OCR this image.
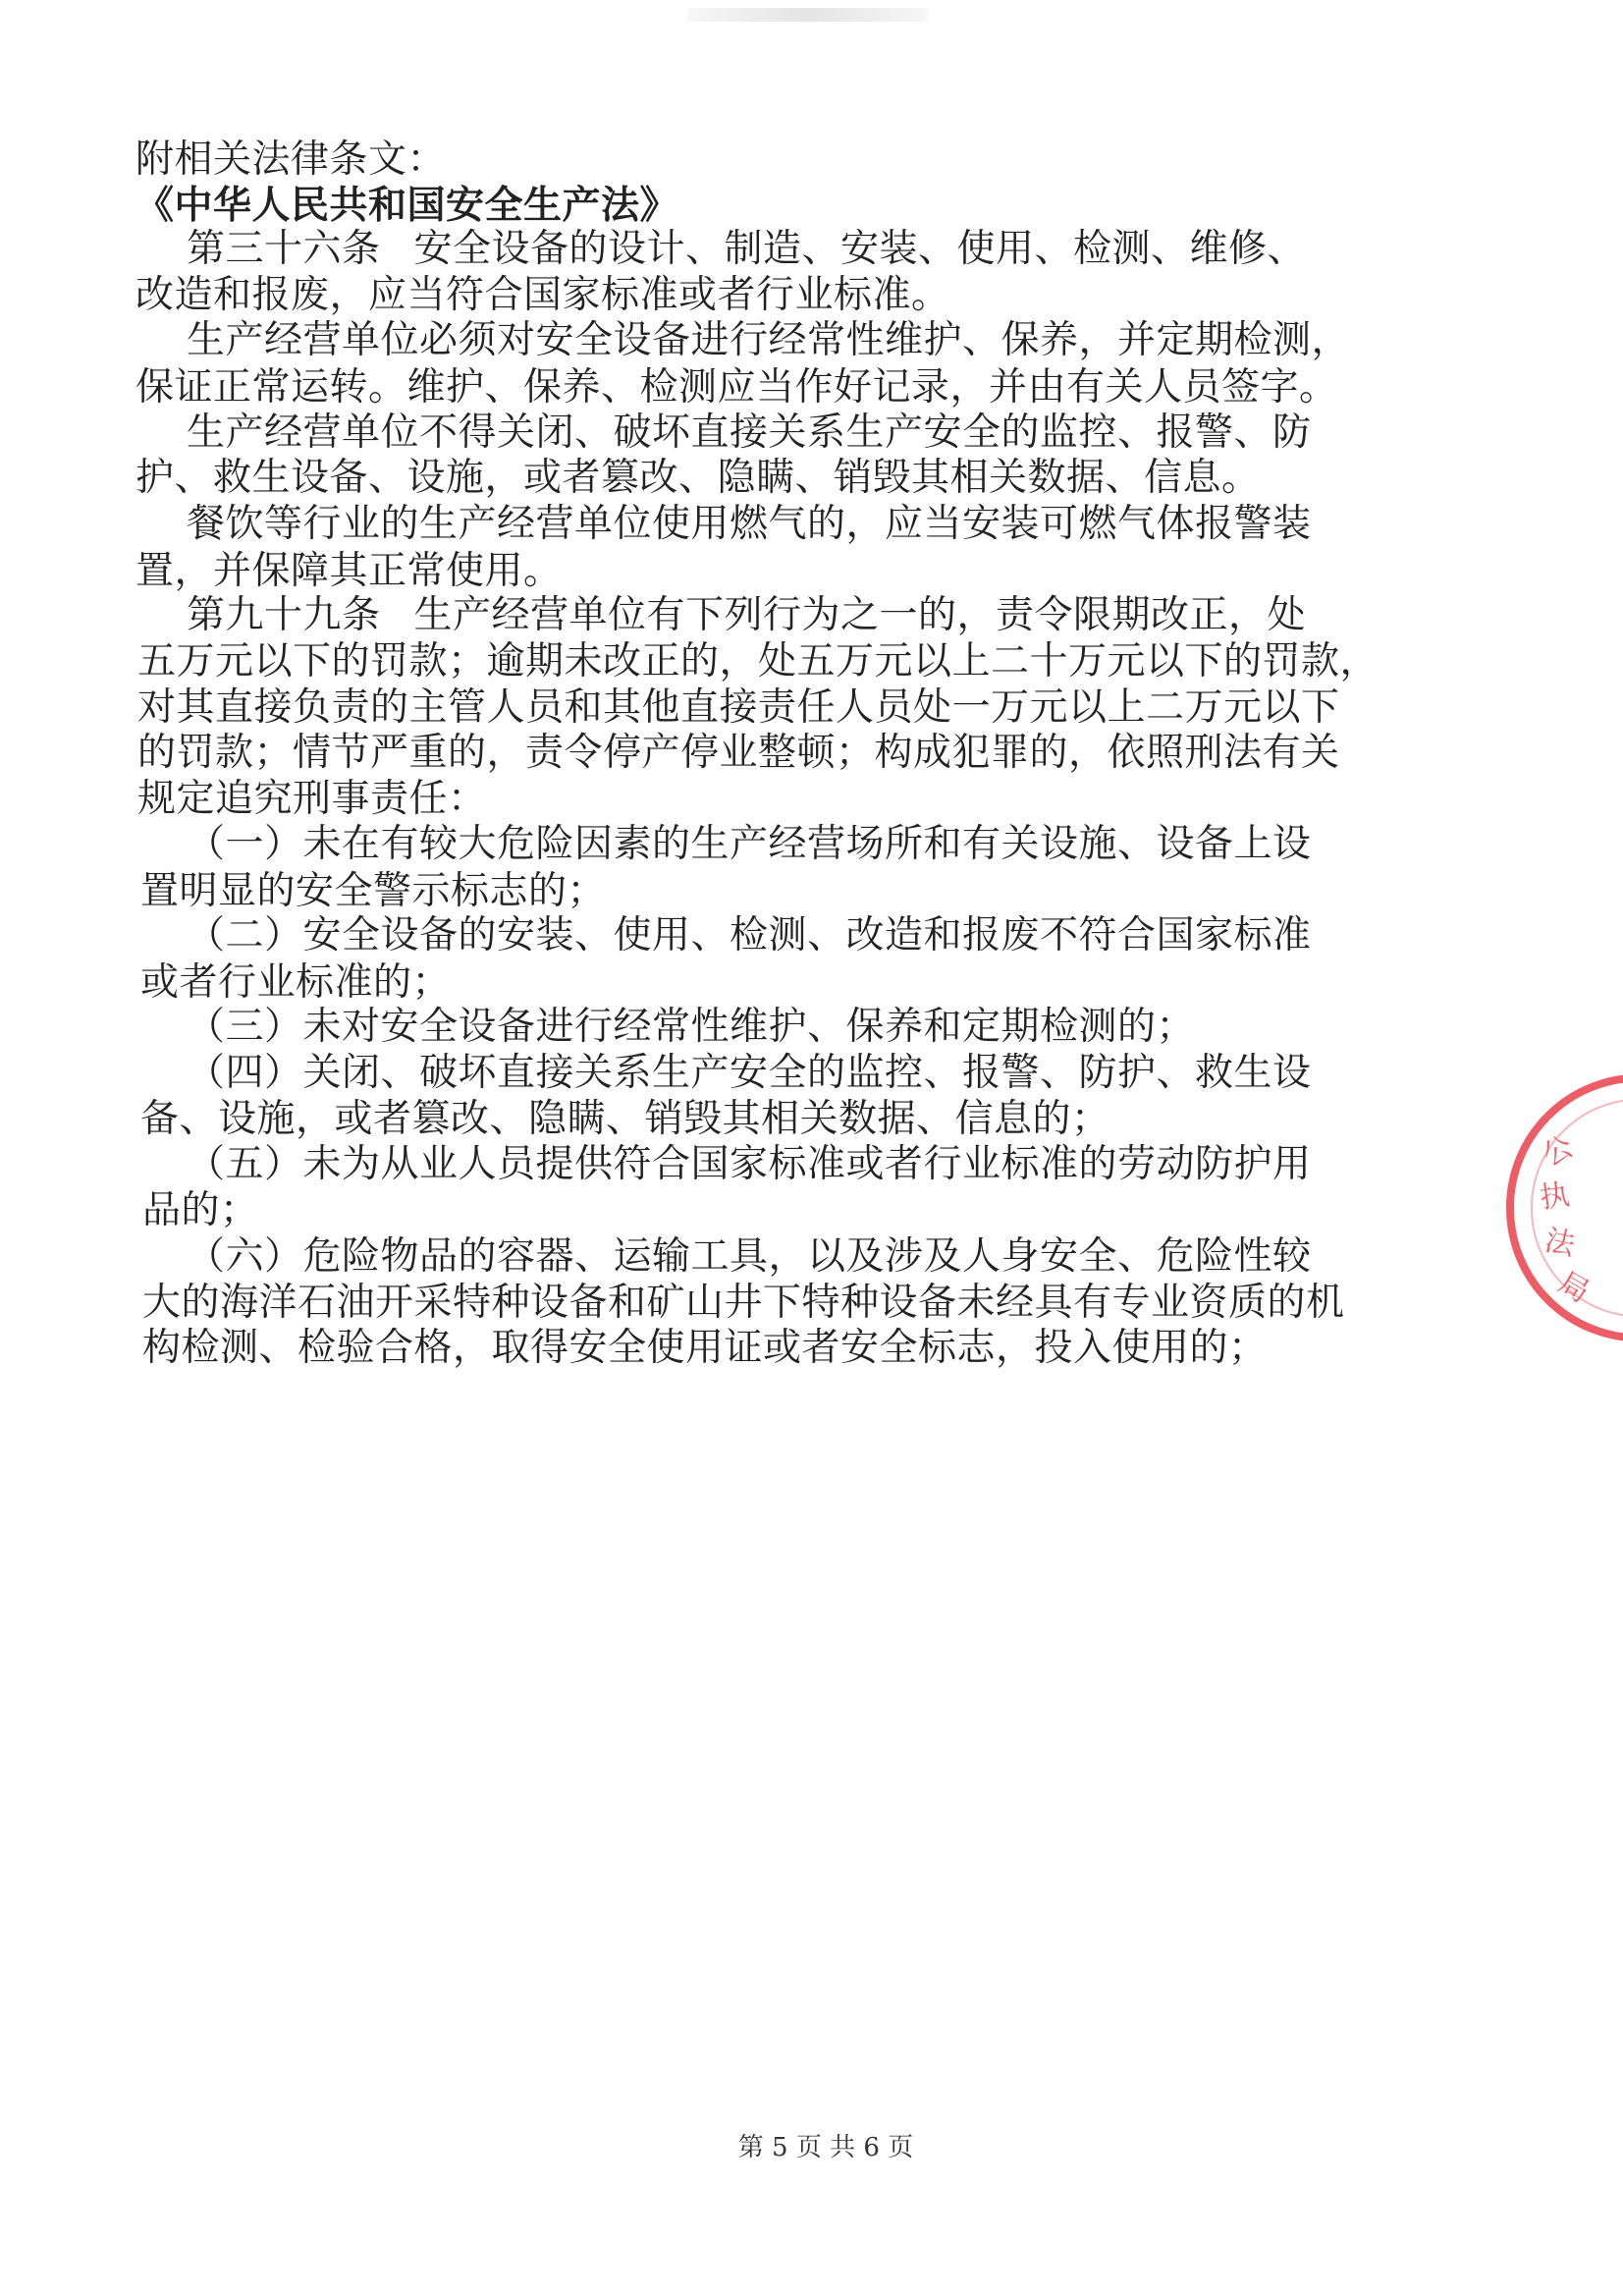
附相关法律条文：
《中华人民共和国安全生产法》
第三十六条 安全设备的设计、制造、安装、使用、检测、维修、
改造和报废，应当符合国家标准或者行业标准。
生产经营单位必须对安全设备进行经常性维护、保养，并定期检测，
保证正常运转。维护、保养、检测应当作好记录，并由有关人员签字。
生产经营单位不得关闭、破坏直接关系生产安全的监控、报警、防
护、救生设备、设施，或者篡改、隐瞒、销毁其相关数据、信息。
餐饮等行业的生产经营单位使用燃气的，应当安装可燃气体报警装
置，并保障其正常使用。
第九十九条 生产经营单位有下列行为之一的，责令限期改正，处
五万元以下的罚款；逾期未改正的，处五万元以上二十万元以下的罚款，
对其直接负责的主管人员和其他直接责任人员处一万元以上二万元以下
的罚款；情节严重的，责令停产停业整顿；构成犯罪的，依照刑法有关
规定追究刑事责任：
（一）未在有较大危险因素的生产经营场所和有关设施、设备上设
置明显的安全警示标志的；
（二）安全设备的安装、使用、检测、改造和报废不符合国家标准
或者行业标准的；
（三）未对安全设备进行经常性维护、保养和定期检测的；
（四）关闭、破坏直接关系生产安全的监控、报警、防护、救生设
备、设施，或者篡改、隐瞒、销毁其相关数据、信息的；
（五）未为从业人员提供符合国家标准或者行业标准的劳动防护用
品的；
（六）危险物品的容器、运输工具，以及涉及人身安全、危险性较
大的海洋石油开采特种设备和矿山井下特种设备未经具有专业资质的机
构检测、检验合格，取得安全使用证或者安全标志，投入使用的；
第 5 页 共 6 页
公
执
法
局
